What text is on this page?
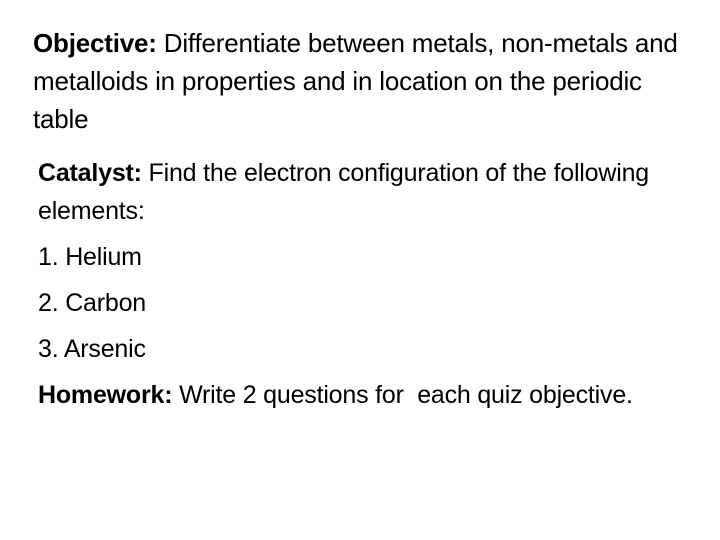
Objective: Differentiate between metals, non-metals and metalloids in properties and in location on the periodic table

Catalyst: Find the electron configuration of the following elements:

1. Helium

2. Carbon

3. Arsenic

Homework: Write 2 questions for  each quiz objective.
